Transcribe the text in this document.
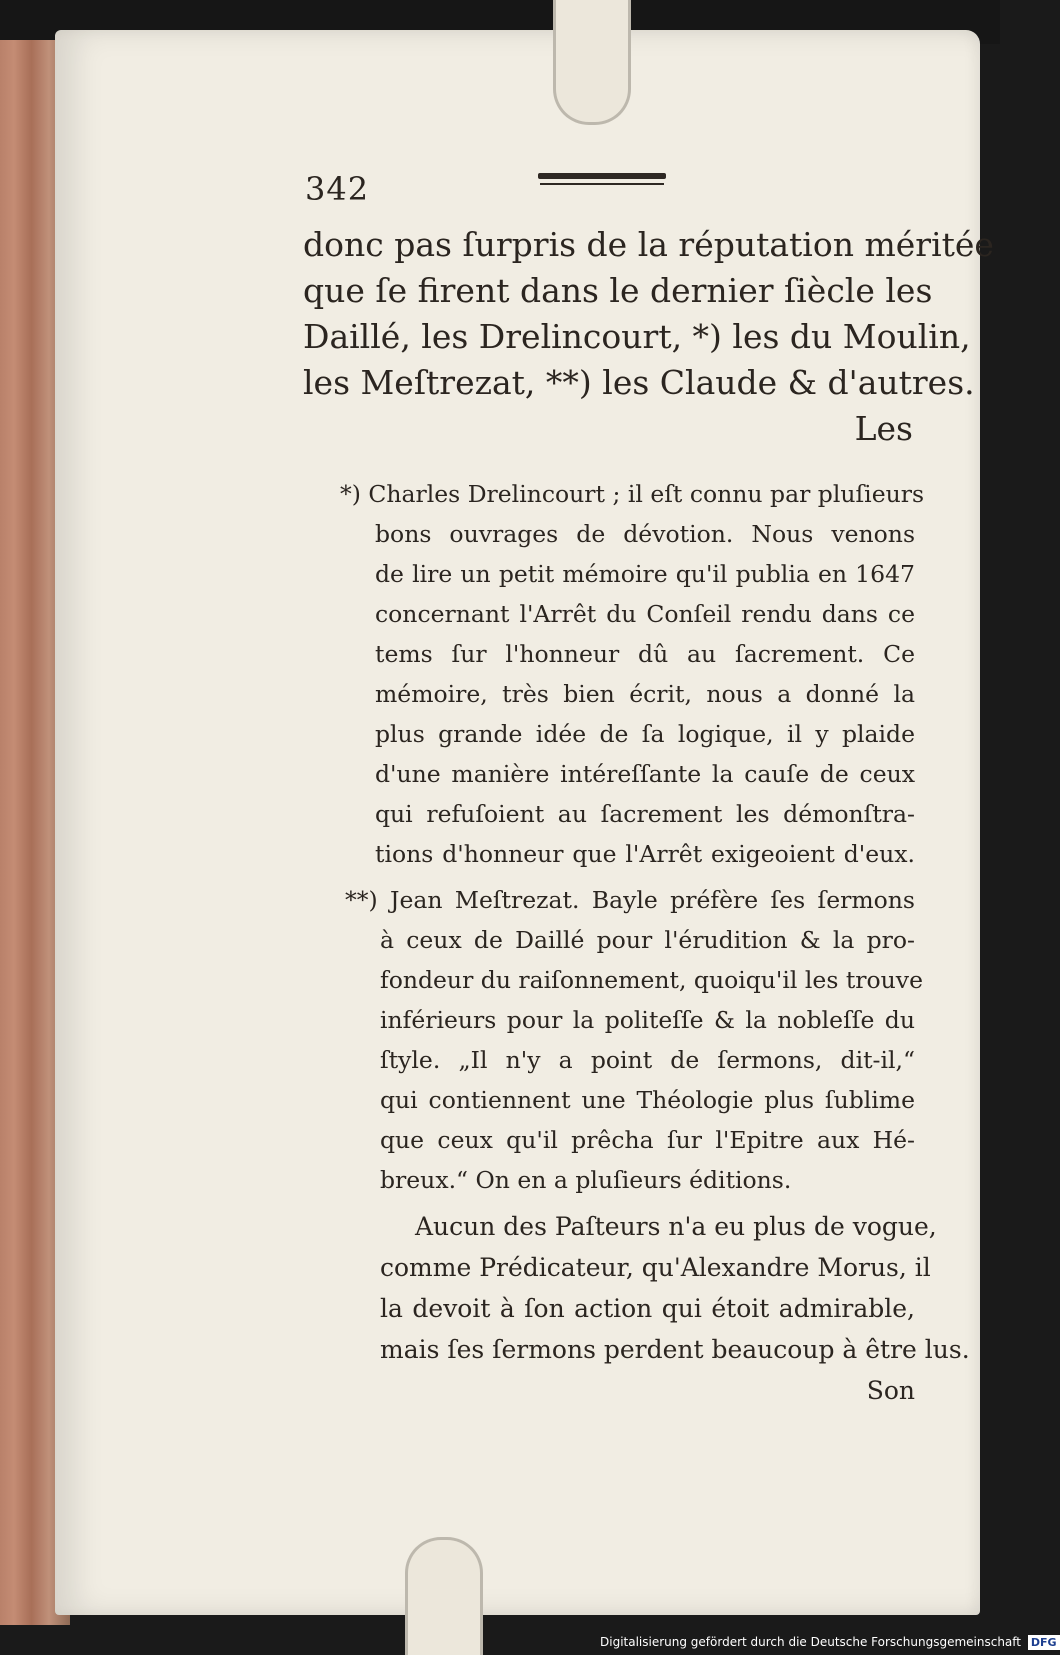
342
donc pas ſurpris de la réputation méritée
que ſe firent dans le dernier ſiècle les
Daillé, les Drelincourt, *) les du Moulin,
les Meſtrezat, **) les Claude & d'autres.
Les
*) Charles Drelincourt ; il eſt connu par pluſieurs
bons ouvrages de dévotion. Nous venons
de lire un petit mémoire qu'il publia en 1647
concernant l'Arrêt du Conſeil rendu dans ce
tems ſur l'honneur dû au ſacrement. Ce
mémoire, très bien écrit, nous a donné la
plus grande idée de ſa logique, il y plaide
d'une manière intéreſſante la cauſe de ceux
qui refuſoient au ſacrement les démonſtra-
tions d'honneur que l'Arrêt exigeoient d'eux.
**) Jean Meſtrezat. Bayle préfère ſes ſermons
à ceux de Daillé pour l'érudition & la pro-
fondeur du raiſonnement, quoiqu'il les trouve
inférieurs pour la politeſſe & la nobleſſe du
ſtyle. „Il n'y a point de ſermons, dit-il,“
qui contiennent une Théologie plus ſublime
que ceux qu'il prêcha ſur l'Epitre aux Hé-
breux.“ On en a pluſieurs éditions.
Aucun des Paſteurs n'a eu plus de vogue,
comme Prédicateur, qu'Alexandre Morus, il
la devoit à ſon action qui étoit admirable,
mais ſes ſermons perdent beaucoup à être lus.
Son
Digitalisierung gefördert durch die Deutsche Forschungsgemeinschaft DFG
